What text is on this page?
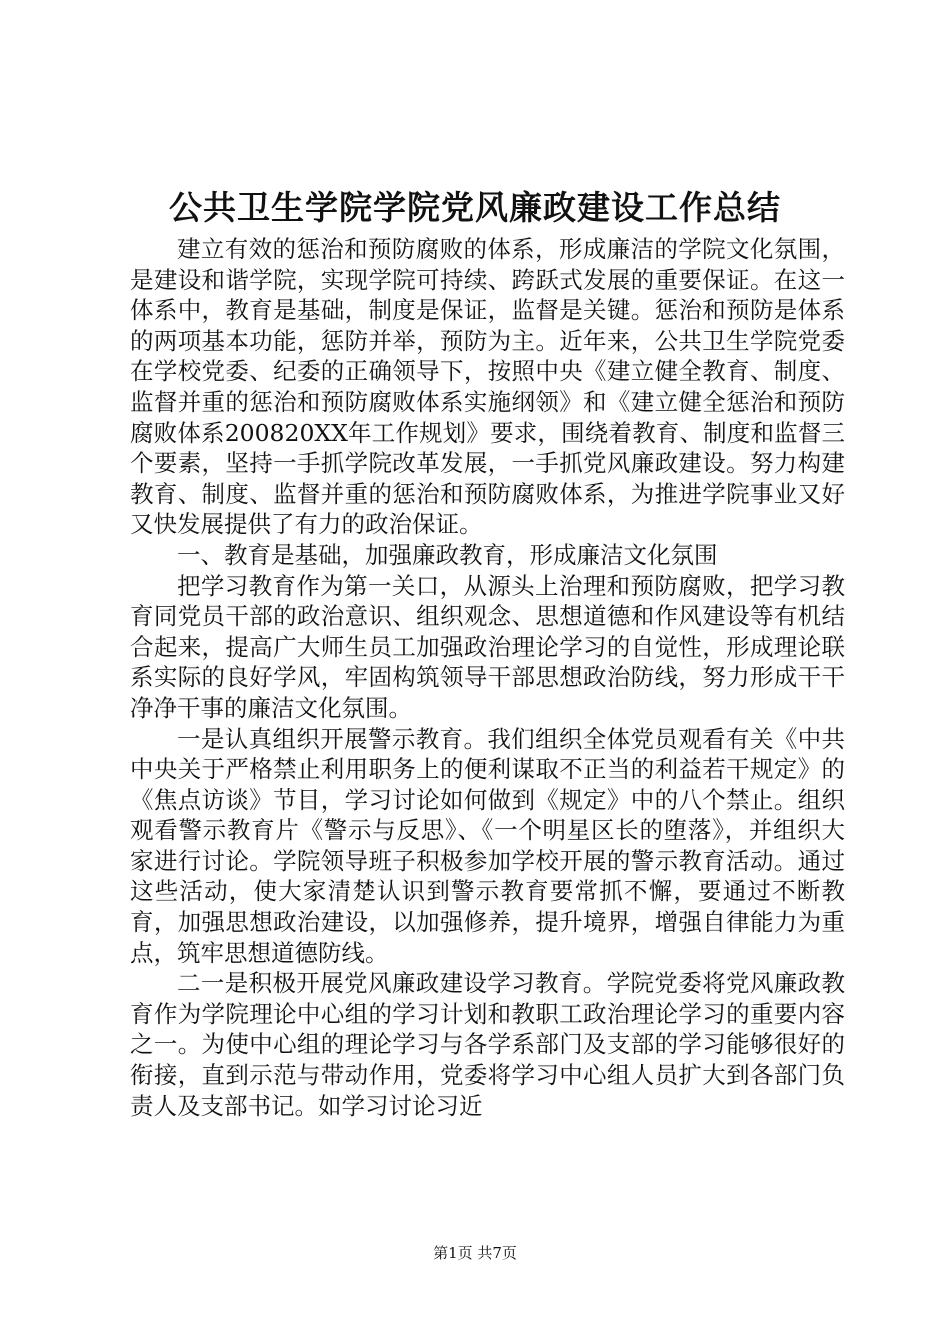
公共卫生学院学院党风廉政建设工作总结

建立有效的惩治和预防腐败的体系，形成廉洁的学院文化氛围，是建设和谐学院，实现学院可持续、跨跃式发展的重要保证。在这一体系中，教育是基础，制度是保证，监督是关键。惩治和预防是体系的两项基本功能，惩防并举，预防为主。近年来，公共卫生学院党委在学校党委、纪委的正确领导下，按照中央《建立健全教育、制度、监督并重的惩治和预防腐败体系实施纲领》和《建立健全惩治和预防腐败体系200820XX年工作规划》要求，围绕着教育、制度和监督三个要素，坚持一手抓学院改革发展，一手抓党风廉政建设。努力构建教育、制度、监督并重的惩治和预防腐败体系，为推进学院事业又好又快发展提供了有力的政治保证。

一、教育是基础，加强廉政教育，形成廉洁文化氛围

把学习教育作为第一关口，从源头上治理和预防腐败，把学习教育同党员干部的政治意识、组织观念、思想道德和作风建设等有机结合起来，提高广大师生员工加强政治理论学习的自觉性，形成理论联系实际的良好学风，牢固构筑领导干部思想政治防线，努力形成干干净净干事的廉洁文化氛围。

一是认真组织开展警示教育。我们组织全体党员观看有关《中共中央关于严格禁止利用职务上的便利谋取不正当的利益若干规定》的《焦点访谈》节目，学习讨论如何做到《规定》中的八个禁止。组织观看警示教育片《警示与反思》、《一个明星区长的堕落》，并组织大家进行讨论。学院领导班子积极参加学校开展的警示教育活动。通过这些活动，使大家清楚认识到警示教育要常抓不懈，要通过不断教育，加强思想政治建设，以加强修养，提升境界，增强自律能力为重点，筑牢思想道德防线。

二一是积极开展党风廉政建设学习教育。学院党委将党风廉政教育作为学院理论中心组的学习计划和教职工政治理论学习的重要内容之一。为使中心组的理论学习与各学系部门及支部的学习能够很好的衔接，直到示范与带动作用，党委将学习中心组人员扩大到各部门负责人及支部书记。如学习讨论习近

第1页 共7页
